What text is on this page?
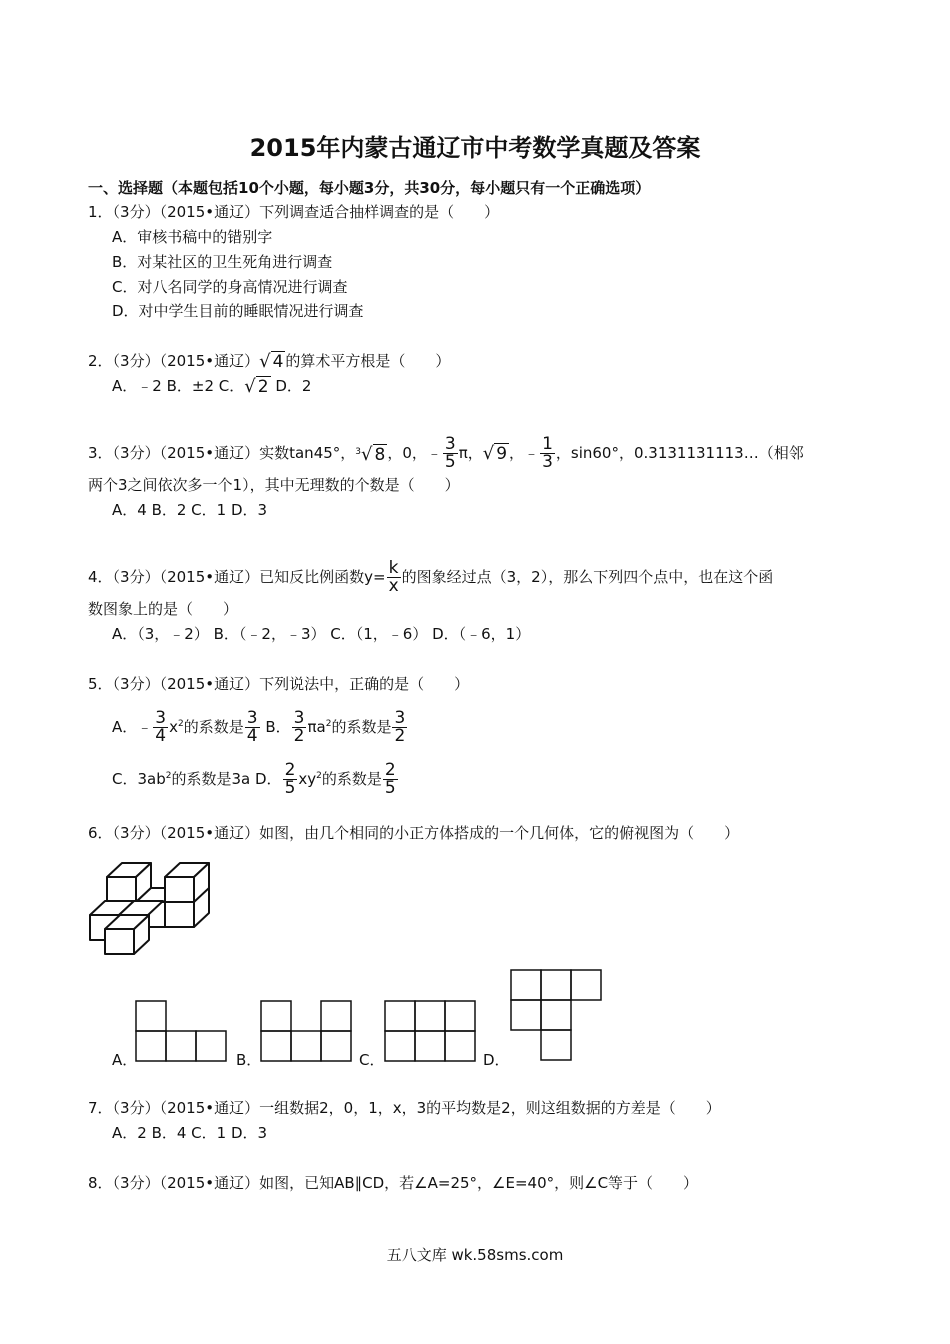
2015年内蒙古通辽市中考数学真题及答案
一、选择题（本题包括10个小题，每小题3分，共30分，每小题只有一个正确选项）
1．（3分）（2015•通辽）下列调查适合抽样调查的是（　　）
A．审核书稿中的错别字
B．对某社区的卫生死角进行调查
C．对八名同学的身高情况进行调查
D．对中学生目前的睡眠情况进行调查
2．（3分）（2015•通辽）√ 4 的算术平方根是（　　）
A．﹣2 B．±2 C．√ 2 D．2
3．（3分）（2015•通辽）实数tan45°，$^3$√ 8 ，0，﹣ $\frac{3}{5}$ π，√ 9 ，﹣ $\frac{1}{3}$ ，sin60°，0.3131131113…（相邻
两个3之间依次多一个1），其中无理数的个数是（　　）
A．4 B．2 C．1 D．3
4．（3分）（2015•通辽）已知反比例函数$y= \frac{k}{x}$ 的图象经过点（3，2），那么下列四个点中，也在这个函
数图象上的是（　　）
A．（3，﹣2） B．（﹣2，﹣3） C．（1，﹣6） D．（﹣6，1）
5．（3分）（2015•通辽）下列说法中，正确的是（　　）
A．﹣ $\frac{3}{4} x^2$的系数是 $\frac{3}{4}$ B． $\frac{3}{2} \pi a^2$的系数是 $\frac{3}{2}$
C．$3ab^2$的系数是3a D． $\frac{2}{5} xy^2$的系数是 $\frac{2}{5}$
6．（3分）（2015•通辽）如图，由几个相同的小正方体搭成的一个几何体，它的俯视图为（　　）
A．	B．	C．	D．
7．（3分）（2015•通辽）一组数据2，0，1，x，3的平均数是2，则这组数据的方差是（　　）
A．2 B．4 C．1 D．3
8．（3分）（2015•通辽）如图，已知AB∥CD，若∠A=25°，∠E=40°，则∠C等于（　　）
五八文库 wk.58sms.com
